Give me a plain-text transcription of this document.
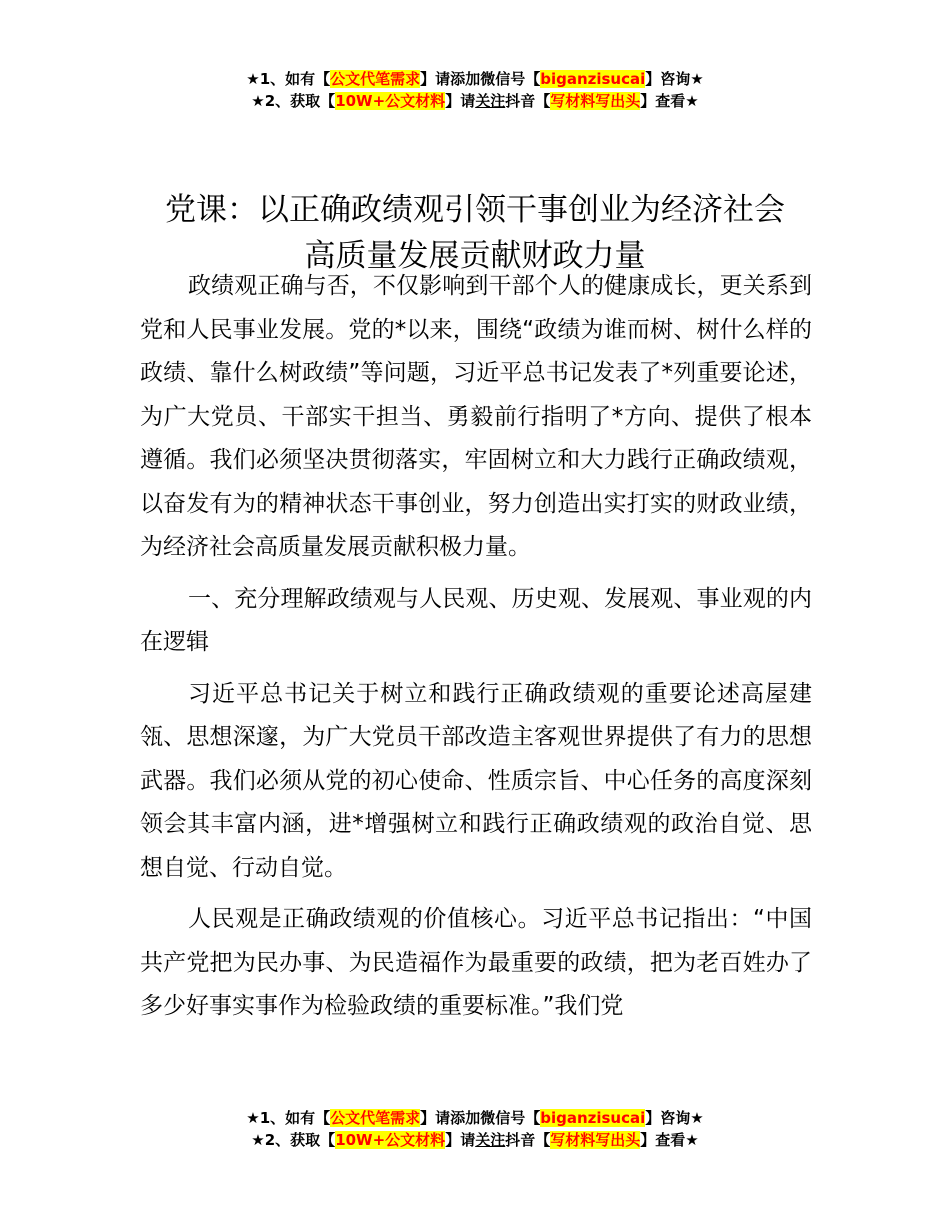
★1、如有【公文代笔需求】请添加微信号【biganzisucai】咨询★
★2、获取【10W+公文材料】请关注抖音【写材料写出头】查看★
党课：以正确政绩观引领干事创业为经济社会
高质量发展贡献财政力量

政绩观正确与否，不仅影响到干部个人的健康成长，更关系到党和人民事业发展。党的*以来，围绕“政绩为谁而树、树什么样的政绩、靠什么树政绩”等问题，习近平总书记发表了*列重要论述，为广大党员、干部实干担当、勇毅前行指明了*方向、提供了根本遵循。我们必须坚决贯彻落实，牢固树立和大力践行正确政绩观，以奋发有为的精神状态干事创业，努力创造出实打实的财政业绩，为经济社会高质量发展贡献积极力量。

一、充分理解政绩观与人民观、历史观、发展观、事业观的内在逻辑

习近平总书记关于树立和践行正确政绩观的重要论述高屋建瓴、思想深邃，为广大党员干部改造主客观世界提供了有力的思想武器。我们必须从党的初心使命、性质宗旨、中心任务的高度深刻领会其丰富内涵，进*增强树立和践行正确政绩观的政治自觉、思想自觉、行动自觉。

人民观是正确政绩观的价值核心。习近平总书记指出：“中国共产党把为民办事、为民造福作为最重要的政绩，把为老百姓办了多少好事实事作为检验政绩的重要标准。”我们党

★1、如有【公文代笔需求】请添加微信号【biganzisucai】咨询★
★2、获取【10W+公文材料】请关注抖音【写材料写出头】查看★
